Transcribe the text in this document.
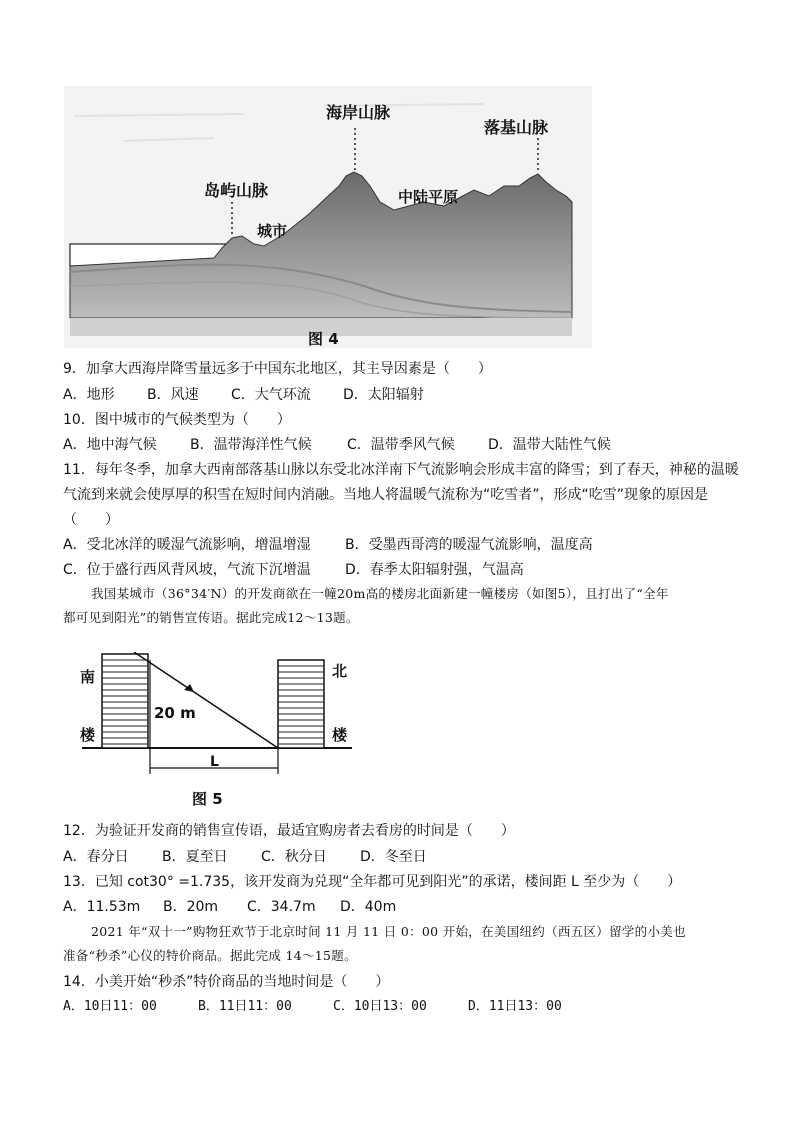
海岸山脉
落基山脉
岛屿山脉
城市
中陆平原
图 4
9．加拿大西海岸降雪量远多于中国东北地区，其主导因素是（　　）
A．地形	B．风速	C．大气环流	D．太阳辐射
10．图中城市的气候类型为（　　）
A．地中海气候	B．温带海洋性气候	C．温带季风气候	D．温带大陆性气候
11．每年冬季，加拿大西南部落基山脉以东受北冰洋南下气流影响会形成丰富的降雪；到了春天，神秘的温暖
气流到来就会使厚厚的积雪在短时间内消融。当地人将温暖气流称为“吃雪者”，形成“吃雪”现象的原因是
（　　）
A．受北冰洋的暖湿气流影响，增温增湿	B．受墨西哥湾的暖湿气流影响，温度高
C．位于盛行西风背风坡，气流下沉增温	D．春季太阳辐射强，气温高
我国某城市（36°34′N）的开发商欲在一幢20m高的楼房北面新建一幢楼房（如图5），且打出了“全年
都可见到阳光”的销售宣传语。据此完成12～13题。
南
楼
北
楼
20 m
L
图 5
12．为验证开发商的销售宣传语，最适宜购房者去看房的时间是（　　）
A．春分日	B．夏至日	C．秋分日	D．冬至日
13．已知 cot30° =1.735，该开发商为兑现“全年都可见到阳光”的承诺，楼间距 L 至少为（　　）
A．11.53m	B．20m	C．34.7m	D．40m
2021 年“双十一”购物狂欢节于北京时间 11 月 11 日 0：00 开始，在美国纽约（西五区）留学的小美也
准备“秒杀”心仪的特价商品。据此完成 14～15题。
14．小美开始“秒杀”特价商品的当地时间是（　　）
A．10日11：00	B．11日11：00	C．10日13：00	D．11日13：00
